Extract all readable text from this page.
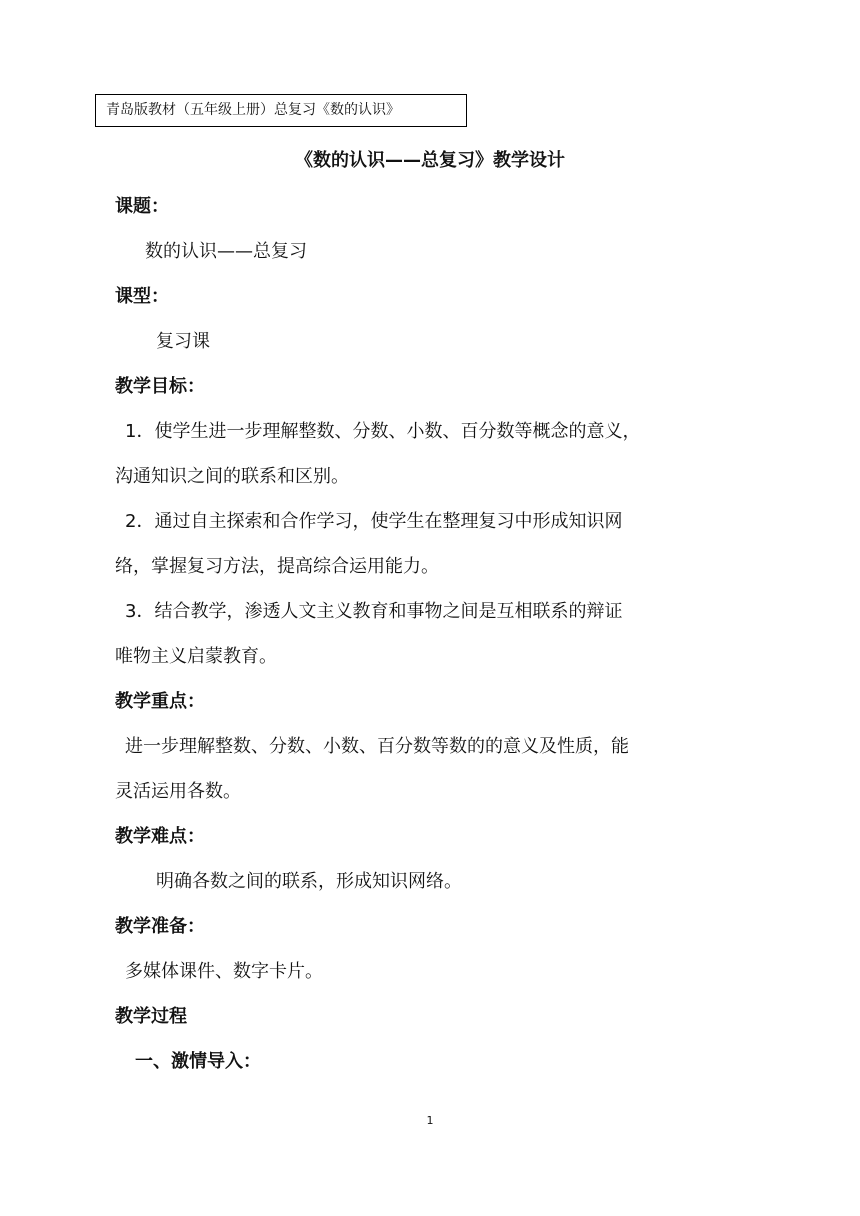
青岛版教材（五年级上册）总复习《数的认识》
《数的认识——总复习》教学设计
课题：
数的认识——总复习
课型：
复习课
教学目标：
1．使学生进一步理解整数、分数、小数、百分数等概念的意义，
沟通知识之间的联系和区别。
2．通过自主探索和合作学习，使学生在整理复习中形成知识网
络，掌握复习方法，提高综合运用能力。
3．结合教学，渗透人文主义教育和事物之间是互相联系的辩证
唯物主义启蒙教育。
教学重点：
进一步理解整数、分数、小数、百分数等数的的意义及性质，能
灵活运用各数。
教学难点：
明确各数之间的联系，形成知识网络。
教学准备：
多媒体课件、数字卡片。
教学过程
一、激情导入：
1
